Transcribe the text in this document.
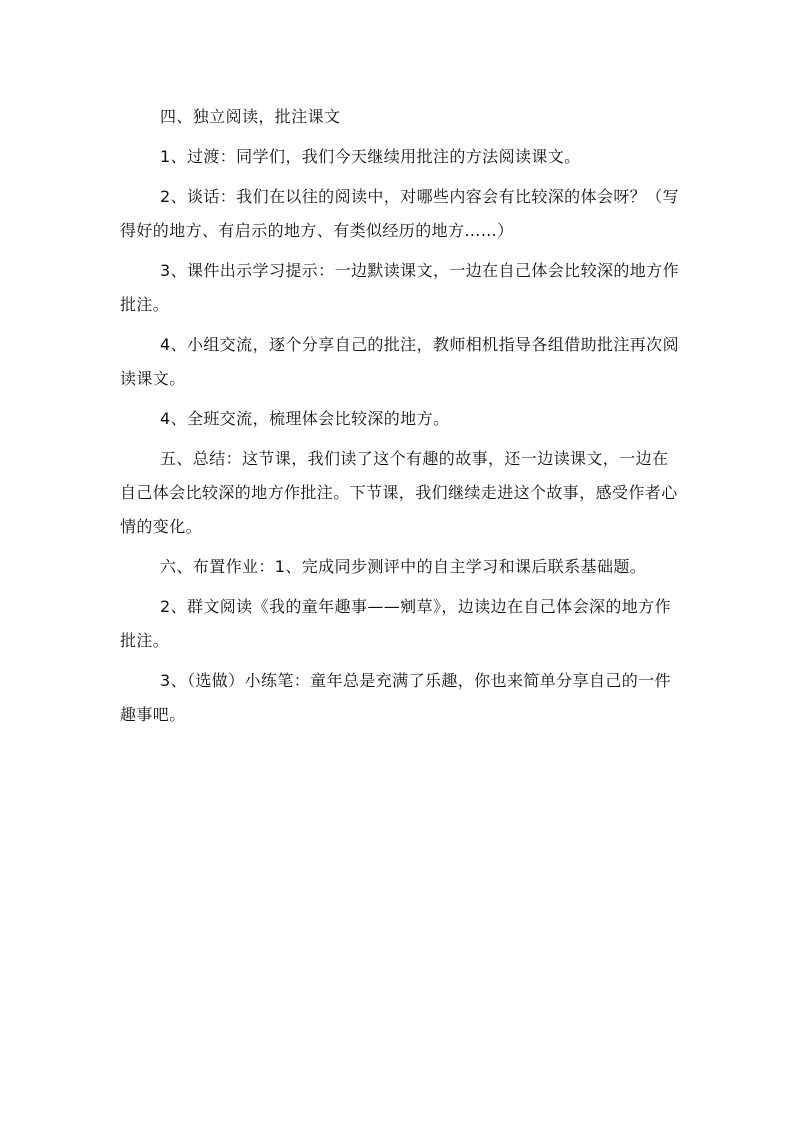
四、独立阅读，批注课文

1、过渡：同学们，我们今天继续用批注的方法阅读课文。

2、谈话：我们在以往的阅读中，对哪些内容会有比较深的体会呀？（写得好的地方、有启示的地方、有类似经历的地方……）

3、课件出示学习提示：一边默读课文，一边在自己体会比较深的地方作批注。

4、小组交流，逐个分享自己的批注，教师相机指导各组借助批注再次阅读课文。

4、全班交流，梳理体会比较深的地方。

五、总结：这节课，我们读了这个有趣的故事，还一边读课文，一边在自己体会比较深的地方作批注。下节课，我们继续走进这个故事，感受作者心情的变化。

六、布置作业：1、完成同步测评中的自主学习和课后联系基础题。

2、群文阅读《我的童年趣事——剜草》，边读边在自己体会深的地方作批注。

3、（选做）小练笔：童年总是充满了乐趣，你也来简单分享自己的一件趣事吧。
